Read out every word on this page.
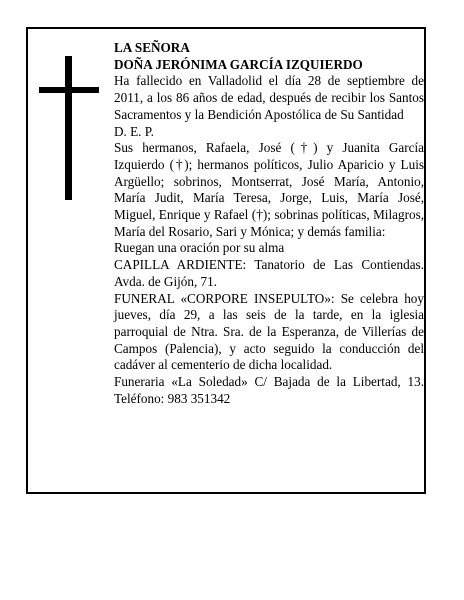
LA SEÑORA

DOÑA JERÓNIMA GARCÍA IZQUIERDO

Ha fallecido en Valladolid el día 28 de septiembre de 2011, a los 86 años de edad, después de recibir los Santos Sacramentos y la Bendición Apostólica de Su Santidad

D. E. P.

Sus hermanos, Rafaela, José (†) y Juanita García Izquierdo (†); hermanos políticos, Julio Aparicio y Luis Argüello; sobrinos, Montserrat, José María, Antonio, María Judit, María Teresa, Jorge, Luis, María José, Miguel, Enrique y Rafael (†); sobrinas políticas, Milagros, María del Rosario, Sari y Mónica; y demás familia:

Ruegan una oración por su alma

CAPILLA ARDIENTE: Tanatorio de Las Contiendas. Avda. de Gijón, 71.

FUNERAL «CORPORE INSEPULTO»: Se celebra hoy jueves, día 29, a las seis de la tarde, en la iglesia parroquial de Ntra. Sra. de la Esperanza, de Villerías de Campos (Palencia), y acto seguido la conducción del cadáver al cementerio de dicha localidad.

Funeraria «La Soledad» C/ Bajada de la Libertad, 13. Teléfono: 983 351342
